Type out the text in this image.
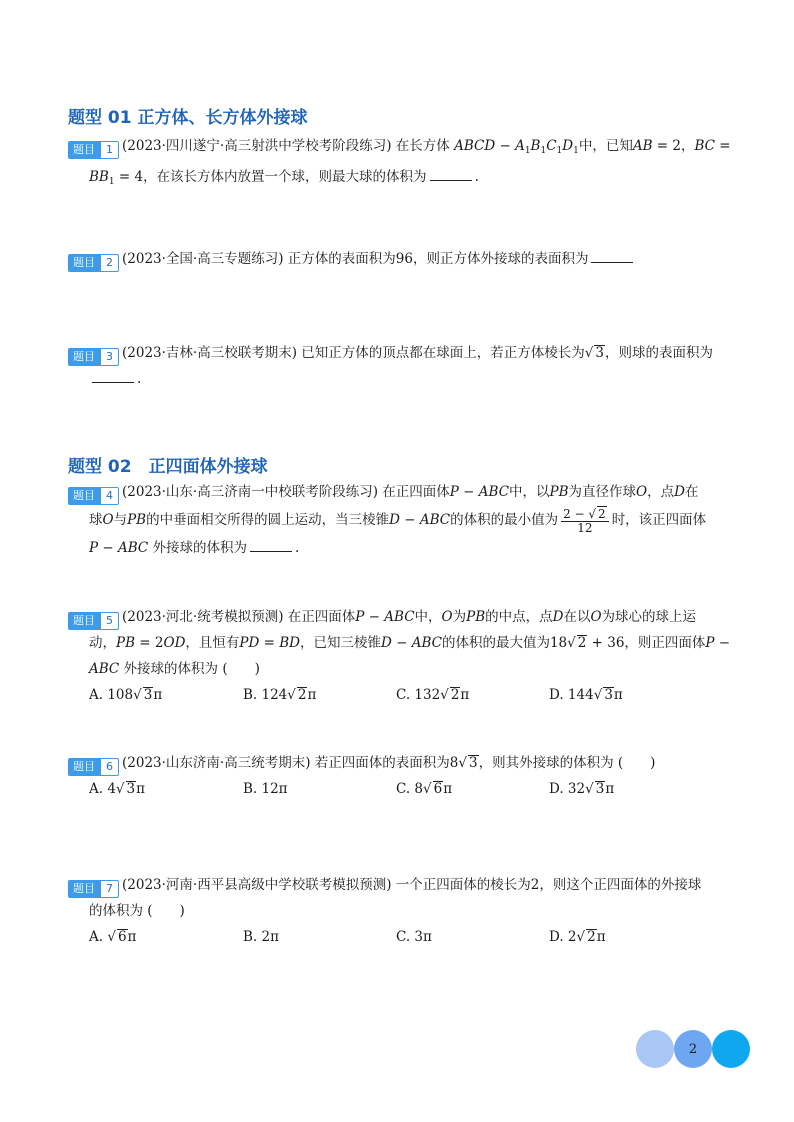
题型 01 正方体、长方体外接球
题目	1 (2023·四川遂宁·高三射洪中学校考阶段练习) 在长方体 ABCD − $A_1B_1C_1D_1$中，已知AB = 2，BC =
$BB_1 = 4$，在该长方体内放置一个球，则最大球的体积为	.
题目	2 (2023·全国·高三专题练习) 正方体的表面积为96，则正方体外接球的表面积为
题目	3 (2023·吉林·高三校联考期末) 已知正方体的顶点都在球面上，若正方体棱长为√ 3，则球的表面积为
.
题型 02　正四面体外接球
题目	4 (2023·山东·高三济南一中校联考阶段练习) 在正四面体P − ABC中，以PB为直径作球O，点D在
球O与PB的中垂面相交所得的圆上运动，当三棱锥D − ABC的体积的最小值为 $\frac{2 - √ 2}{12}$ 时，该正四面体
P − ABC 外接球的体积为	.
题目	5 (2023·河北·统考模拟预测) 在正四面体P − ABC中，O为PB的中点，点D在以O为球心的球上运
动，PB = 2OD，且恒有PD = BD，已知三棱锥D − ABC的体积的最大值为18√ 2 + 36，则正四面体P −
ABC 外接球的体积为 (　　)
A. 108√ 3π	B. 124√ 2π	C. 132√ 2π	D. 144√ 3π
题目	6 (2023·山东济南·高三统考期末) 若正四面体的表面积为8√ 3，则其外接球的体积为 (　　)
A. 4√ 3π	B. 12π	C. 8√ 6π	D. 32√ 3π
题目	7 (2023·河南·西平县高级中学校联考模拟预测) 一个正四面体的棱长为2，则这个正四面体的外接球
的体积为 (　　)
A. √ 6π	B. 2π	C. 3π	D. 2√ 2π
2
